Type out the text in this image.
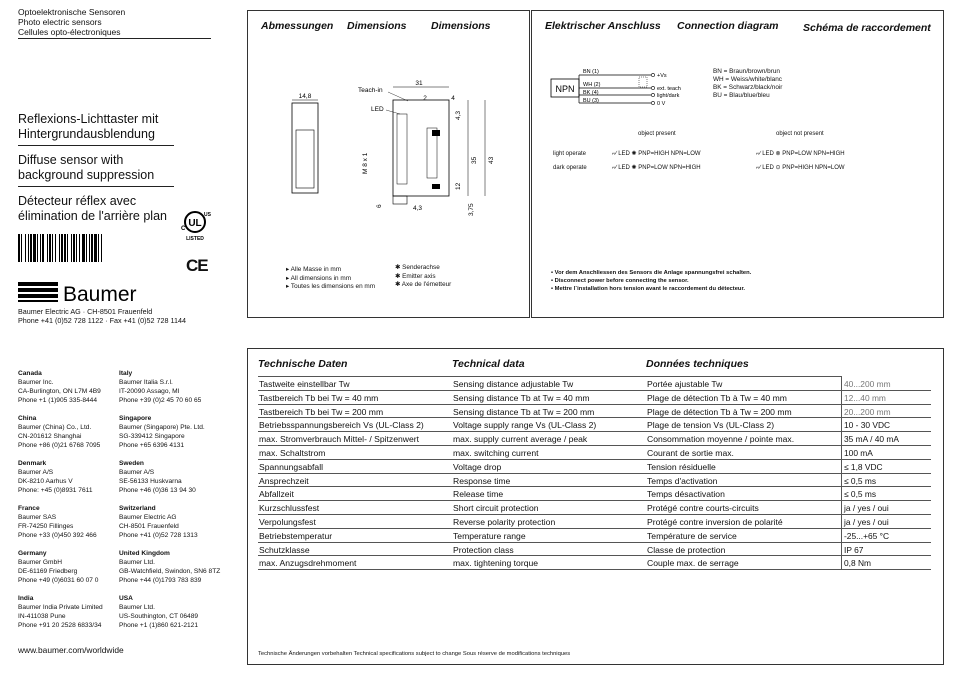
Optoelektronische Sensoren
Photo electric sensors
Cellules opto-électroniques
Reflexions-Lichttaster mit
Hintergrundausblendung
Diffuse sensor with
background suppression
Détecteur réflex avec
élimination de l'arrière plan
UL
C
US
LISTED
CE
Baumer
Baumer Electric AG · CH-8501 Frauenfeld
Phone +41 (0)52 728 1122 · Fax +41 (0)52 728 1144
Canada
Baumer Inc.
CA-Burlington, ON L7M 4B9
Phone +1 (1)905 335-8444
Italy
Baumer Italia S.r.l.
IT-20090 Assago, MI
Phone +39 (0)2 45 70 60 65
China
Baumer (China) Co., Ltd.
CN-201612 Shanghai
Phone +86 (0)21 6768 7095
Singapore
Baumer (Singapore) Pte. Ltd.
SG-339412 Singapore
Phone +65 6396 4131
Denmark
Baumer A/S
DK-8210 Aarhus V
Phone: +45 (0)8931 7611
Sweden
Baumer A/S
SE-56133 Huskvarna
Phone +46 (0)36 13 94 30
France
Baumer SAS
FR-74250 Fillinges
Phone +33 (0)450 392 466
Switzerland
Baumer Electric AG
CH-8501 Frauenfeld
Phone +41 (0)52 728 1313
Germany
Baumer GmbH
DE-61169 Friedberg
Phone +49 (0)6031 60 07 0
United Kingdom
Baumer Ltd.
GB-Watchfield, Swindon, SN6 8TZ
Phone +44 (0)1793 783 839
India
Baumer India Private Limited
IN-411038 Pune
Phone +91 20 2528 6833/34
USA
Baumer Ltd.
US-Southington, CT 06489
Phone +1 (1)860 621-2121
www.baumer.com/worldwide
Abmessungen Dimensions Dimensions
14,8
31
2	4
Teach-in
LED
4,3
35 43
12
3,75
6	4,3
M 8 x 1
▸ Alle Masse in mm
▸ All dimensions in mm
▸ Toutes les dimensions en mm
✱ Senderachse
✱ Emitter axis
✱ Axe de l'émetteur
Elektrischer Anschluss Connection diagram Schéma de raccordement
NPN
BN (1)
WH (2)
BK (4)
BU (3)
+Vs
ext. teach
light/dark
0 V
BN = Braun/brown/brun
WH = Weiss/white/blanc
BK = Schwarz/black/noir
BU = Blau/blue/bleu
object present	object not present
light operate
dark operate
⌐∕ LED ✺ PNP=HIGH NPN=LOW	⌐∕ LED ⊗ PNP=LOW NPN=HIGH
⌐∕ LED ✺ PNP=LOW NPN=HIGH	⌐∕ LED ⊙ PNP=HIGH NPN=LOW
• Vor dem Anschliessen des Sensors die Anlage spannungsfrei schalten.
• Disconnect power before connecting the sensor.
• Mettre l´installation hors tension avant le raccordement du détecteur.
Technische Daten	Technical data	Données techniques
Tastweite einstellbar Tw	Sensing distance adjustable Tw	Portée ajustable Tw	40...200 mm
Tastbereich Tb bei Tw = 40 mm	Sensing distance Tb at Tw = 40 mm	Plage de détection Tb à Tw = 40 mm	12...40 mm
Tastbereich Tb bei Tw = 200 mm	Sensing distance Tb at Tw = 200 mm	Plage de détection Tb à Tw = 200 mm	20...200 mm
Betriebsspannungsbereich Vs (UL-Class 2)	Voltage supply range Vs (UL-Class 2)	Plage de tension Vs (UL-Class 2)	10 - 30 VDC
max. Stromverbrauch Mittel- / Spitzenwert	max. supply current average / peak	Consommation moyenne / pointe max.	35 mA / 40 mA
max. Schaltstrom	max. switching current	Courant de sortie max.	100 mA
Spannungsabfall	Voltage drop	Tension résiduelle	≤ 1,8 VDC
Ansprechzeit	Response time	Temps d'activation	≤ 0,5 ms
Abfallzeit	Release time	Temps désactivation	≤ 0,5 ms
Kurzschlussfest	Short circuit protection	Protégé contre courts-circuits	ja / yes / oui
Verpolungsfest	Reverse polarity protection	Protégé contre inversion de polarité	ja / yes / oui
Betriebstemperatur	Temperature range	Température de service	-25...+65 °C
Schutzklasse	Protection class	Classe de protection	IP 67
max. Anzugsdrehmoment	max. tightening torque	Couple max. de serrage	0,8 Nm
Technische Änderungen vorbehalten Technical specifications subject to change Sous réserve de modifications techniques
